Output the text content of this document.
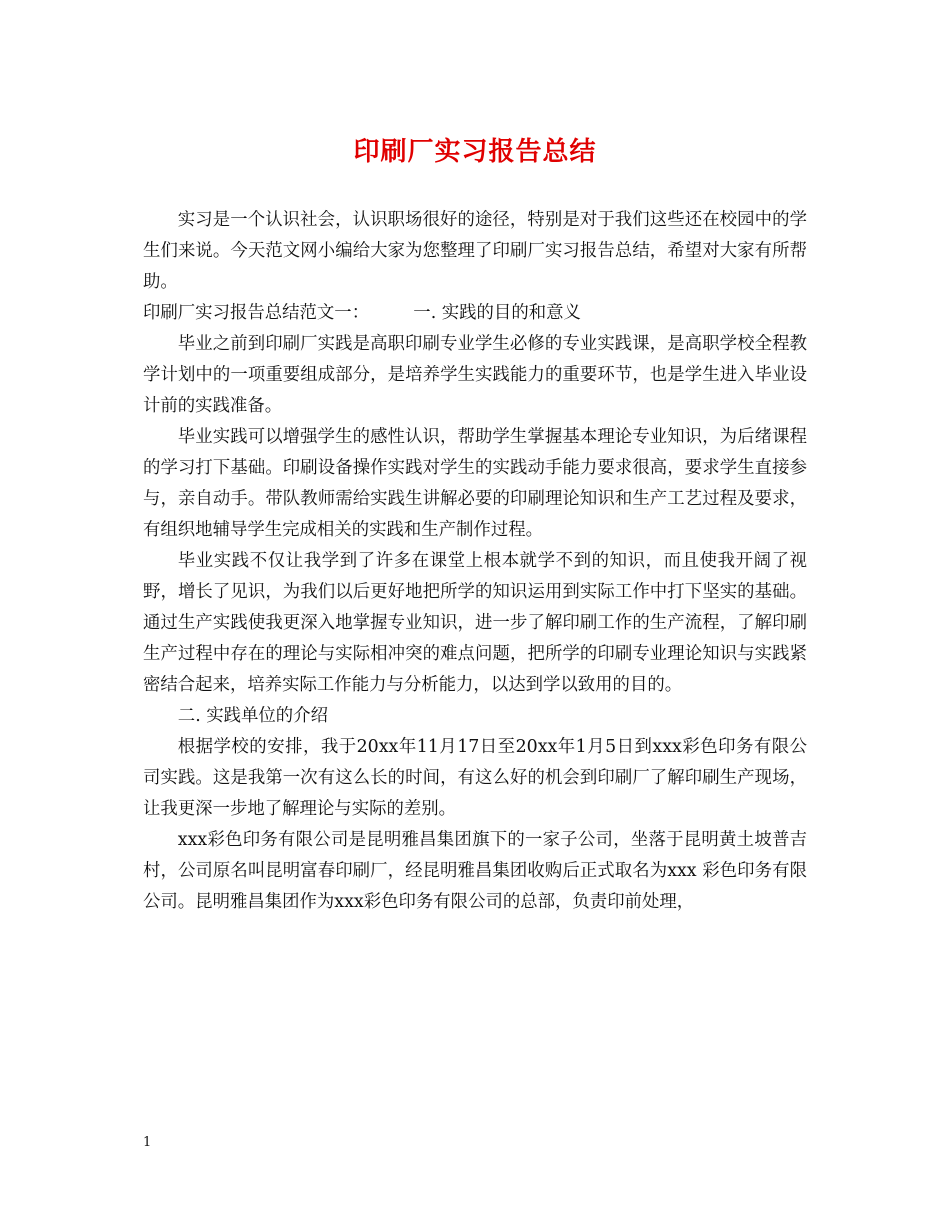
印刷厂实习报告总结

实习是一个认识社会，认识职场很好的途径，特别是对于我们这些还在校园中的学生们来说。今天范文网小编给大家为您整理了印刷厂实习报告总结，希望对大家有所帮助。

印刷厂实习报告总结范文一：        一. 实践的目的和意义

毕业之前到印刷厂实践是高职印刷专业学生必修的专业实践课，是高职学校全程教学计划中的一项重要组成部分，是培养学生实践能力的重要环节，也是学生进入毕业设计前的实践准备。

毕业实践可以增强学生的感性认识，帮助学生掌握基本理论专业知识，为后绪课程的学习打下基础。印刷设备操作实践对学生的实践动手能力要求很高，要求学生直接参与，亲自动手。带队教师需给实践生讲解必要的印刷理论知识和生产工艺过程及要求，有组织地辅导学生完成相关的实践和生产制作过程。

毕业实践不仅让我学到了许多在课堂上根本就学不到的知识，而且使我开阔了视野，增长了见识，为我们以后更好地把所学的知识运用到实际工作中打下坚实的基础。通过生产实践使我更深入地掌握专业知识，进一步了解印刷工作的生产流程，了解印刷生产过程中存在的理论与实际相冲突的难点问题，把所学的印刷专业理论知识与实践紧密结合起来，培养实际工作能力与分析能力，以达到学以致用的目的。

二. 实践单位的介绍

根据学校的安排，我于20xx年11月17日至20xx年1月5日到xxx彩色印务有限公司实践。这是我第一次有这么长的时间，有这么好的机会到印刷厂了解印刷生产现场，让我更深一步地了解理论与实际的差别。

xxx彩色印务有限公司是昆明雅昌集团旗下的一家子公司，坐落于昆明黄土坡普吉村，公司原名叫昆明富春印刷厂，经昆明雅昌集团收购后正式取名为xxx 彩色印务有限公司。昆明雅昌集团作为xxx彩色印务有限公司的总部，负责印前处理，

1
